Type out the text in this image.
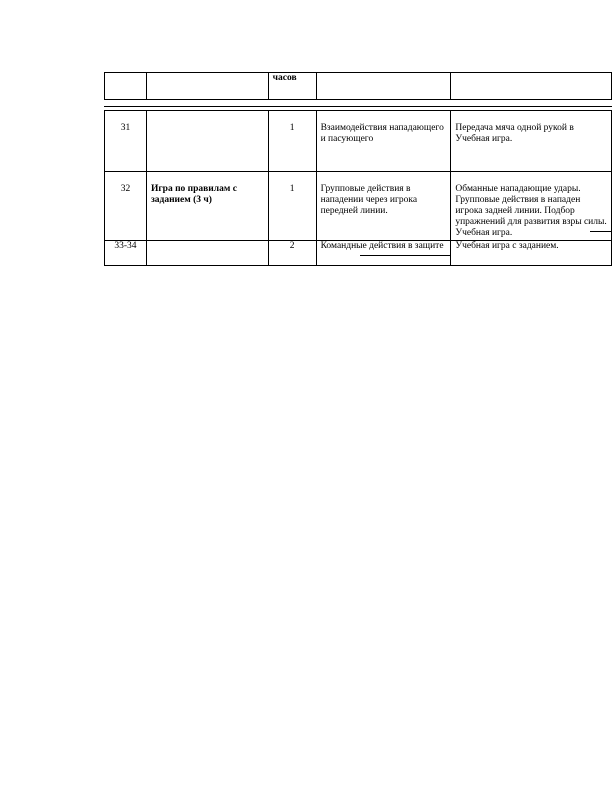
		часов		
31		1	Взаимодействия нападающего и пасующего	Передача мяча одной рукой в Учебная игра.
32	Игра по правилам с заданием (3 ч)	1	Групповые действия в нападении через игрока передней линии.	Обманные нападающие удары. Групповые действия в нападен игрока задней линии. Подбор упражнений для развития взры силы. Учебная игра.
33-34		2	Командные действия в защите	Учебная игра с заданием.
